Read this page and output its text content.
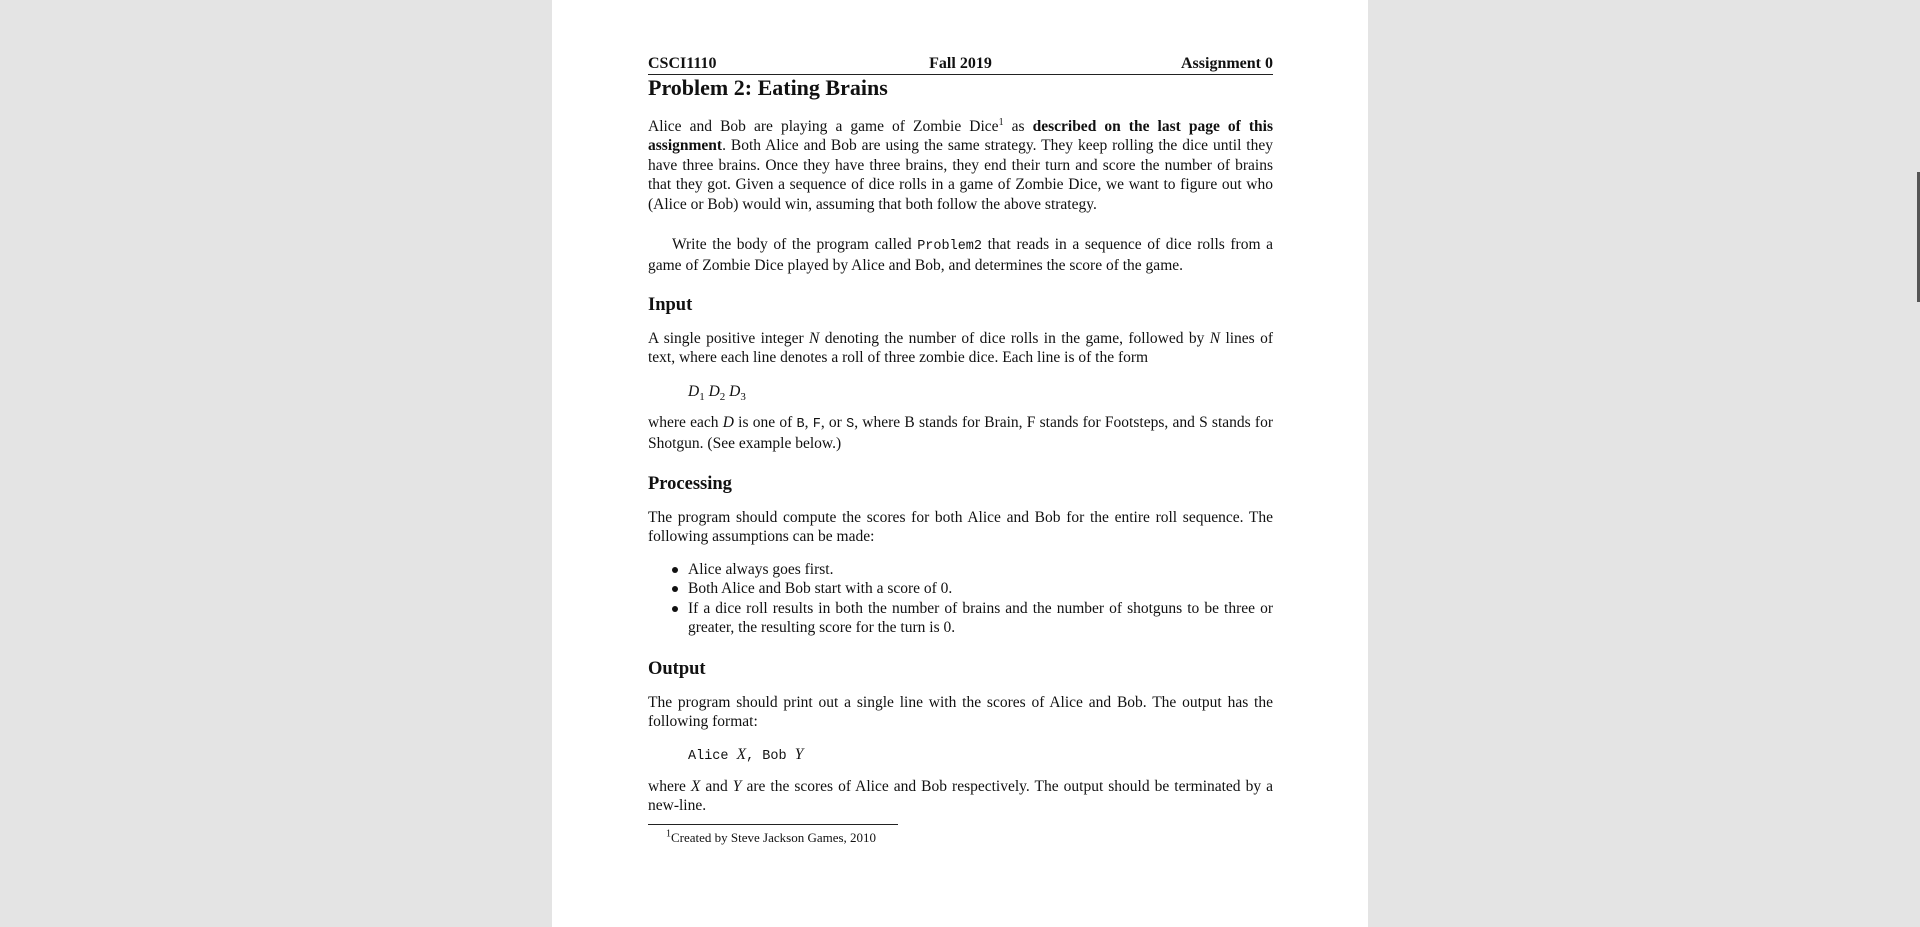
CSCI1110	Fall 2019	Assignment 0
Problem 2: Eating Brains

Alice and Bob are playing a game of Zombie Dice$^1$ as described on the last page of this assignment. Both Alice and Bob are using the same strategy. They keep rolling the dice until they have three brains. Once they have three brains, they end their turn and score the number of brains that they got. Given a sequence of dice rolls in a game of Zombie Dice, we want to figure out who (Alice or Bob) would win, assuming that both follow the above strategy.

Write the body of the program called Problem2 that reads in a sequence of dice rolls from a game of Zombie Dice played by Alice and Bob, and determines the score of the game.

Input

A single positive integer N denoting the number of dice rolls in the game, followed by N lines of text, where each line denotes a roll of three zombie dice. Each line is of the form

$D_1$ $D_2$ $D_3$

where each D is one of B, F, or S, where B stands for Brain, F stands for Footsteps, and S stands for Shotgun. (See example below.)

Processing

The program should compute the scores for both Alice and Bob for the entire roll sequence. The following assumptions can be made:

Alice always goes first.
Both Alice and Bob start with a score of 0.
If a dice roll results in both the number of brains and the number of shotguns to be three or greater, the resulting score for the turn is 0.
Output

The program should print out a single line with the scores of Alice and Bob. The output has the following format:

Alice X, Bob Y

where X and Y are the scores of Alice and Bob respectively. The output should be terminated by a new-line.

$^1$Created by Steve Jackson Games, 2010
